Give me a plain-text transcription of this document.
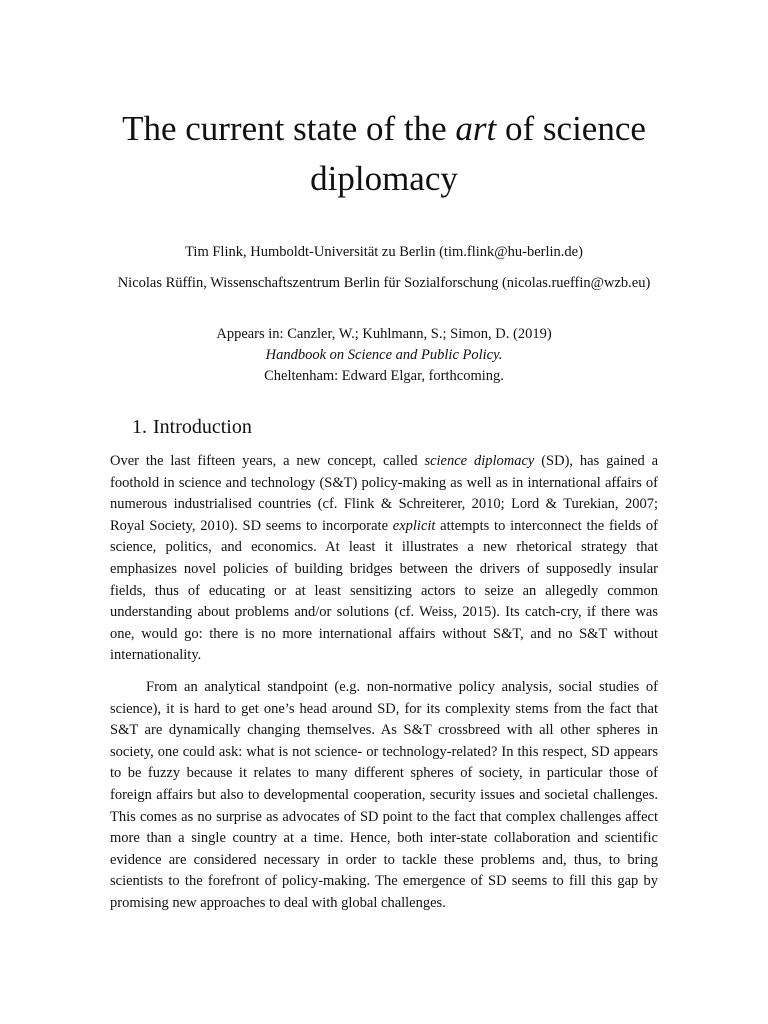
The current state of the art of science diplomacy

Tim Flink, Humboldt-Universität zu Berlin (tim.flink@hu-berlin.de)

Nicolas Rüffin, Wissenschaftszentrum Berlin für Sozialforschung (nicolas.rueffin@wzb.eu)

Appears in: Canzler, W.; Kuhlmann, S.; Simon, D. (2019)
Handbook on Science and Public Policy.
Cheltenham: Edward Elgar, forthcoming.
1. Introduction

Over the last fifteen years, a new concept, called science diplomacy (SD), has gained a foothold in science and technology (S&T) policy-making as well as in international affairs of numerous industrialised countries (cf. Flink & Schreiterer, 2010; Lord & Turekian, 2007; Royal Society, 2010). SD seems to incorporate explicit attempts to interconnect the fields of science, politics, and economics. At least it illustrates a new rhetorical strategy that emphasizes novel policies of building bridges between the drivers of supposedly insular fields, thus of educating or at least sensitizing actors to seize an allegedly common understanding about problems and/or solutions (cf. Weiss, 2015). Its catch-cry, if there was one, would go: there is no more international affairs without S&T, and no S&T without internationality.

From an analytical standpoint (e.g. non-normative policy analysis, social studies of science), it is hard to get one’s head around SD, for its complexity stems from the fact that S&T are dynamically changing themselves. As S&T crossbreed with all other spheres in society, one could ask: what is not science- or technology-related? In this respect, SD appears to be fuzzy because it relates to many different spheres of society, in particular those of foreign affairs but also to developmental cooperation, security issues and societal challenges. This comes as no surprise as advocates of SD point to the fact that complex challenges affect more than a single country at a time. Hence, both inter-state collaboration and scientific evidence are considered necessary in order to tackle these problems and, thus, to bring scientists to the forefront of policy-making. The emergence of SD seems to fill this gap by promising new approaches to deal with global challenges.
